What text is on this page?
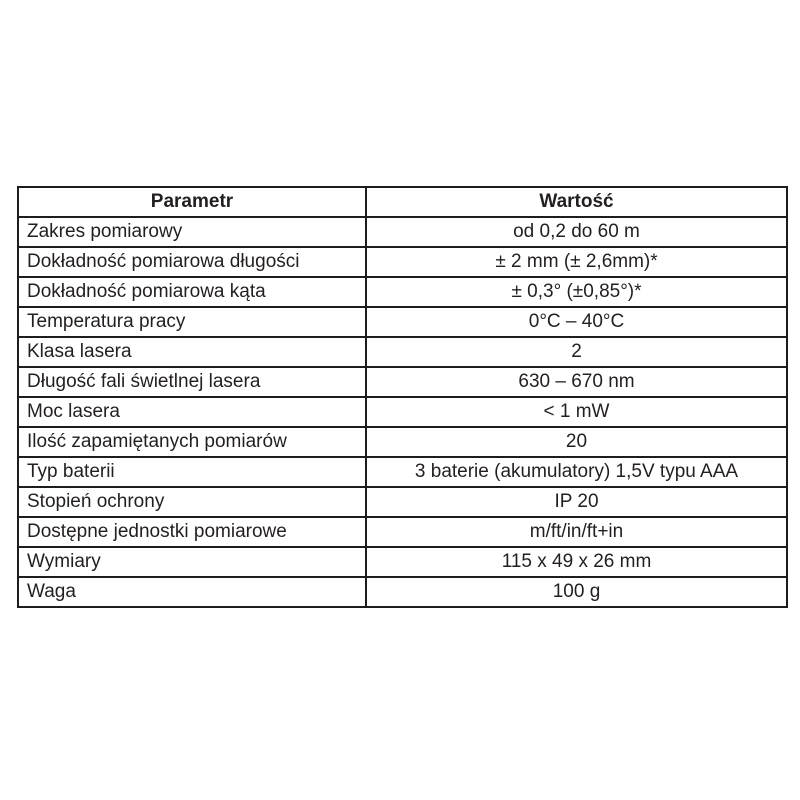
Parametr	Wartość
Zakres pomiarowy	od 0,2 do 60 m
Dokładność pomiarowa długości	± 2 mm (± 2,6mm)*
Dokładność pomiarowa kąta	± 0,3° (±0,85°)*
Temperatura pracy	0°C – 40°C
Klasa lasera	2
Długość fali świetlnej lasera	630 – 670 nm
Moc lasera	< 1 mW
Ilość zapamiętanych pomiarów	20
Typ baterii	3 baterie (akumulatory) 1,5V typu AAA
Stopień ochrony	IP 20
Dostępne jednostki pomiarowe	m/ft/in/ft+in
Wymiary	115 x 49 x 26 mm
Waga	100 g
